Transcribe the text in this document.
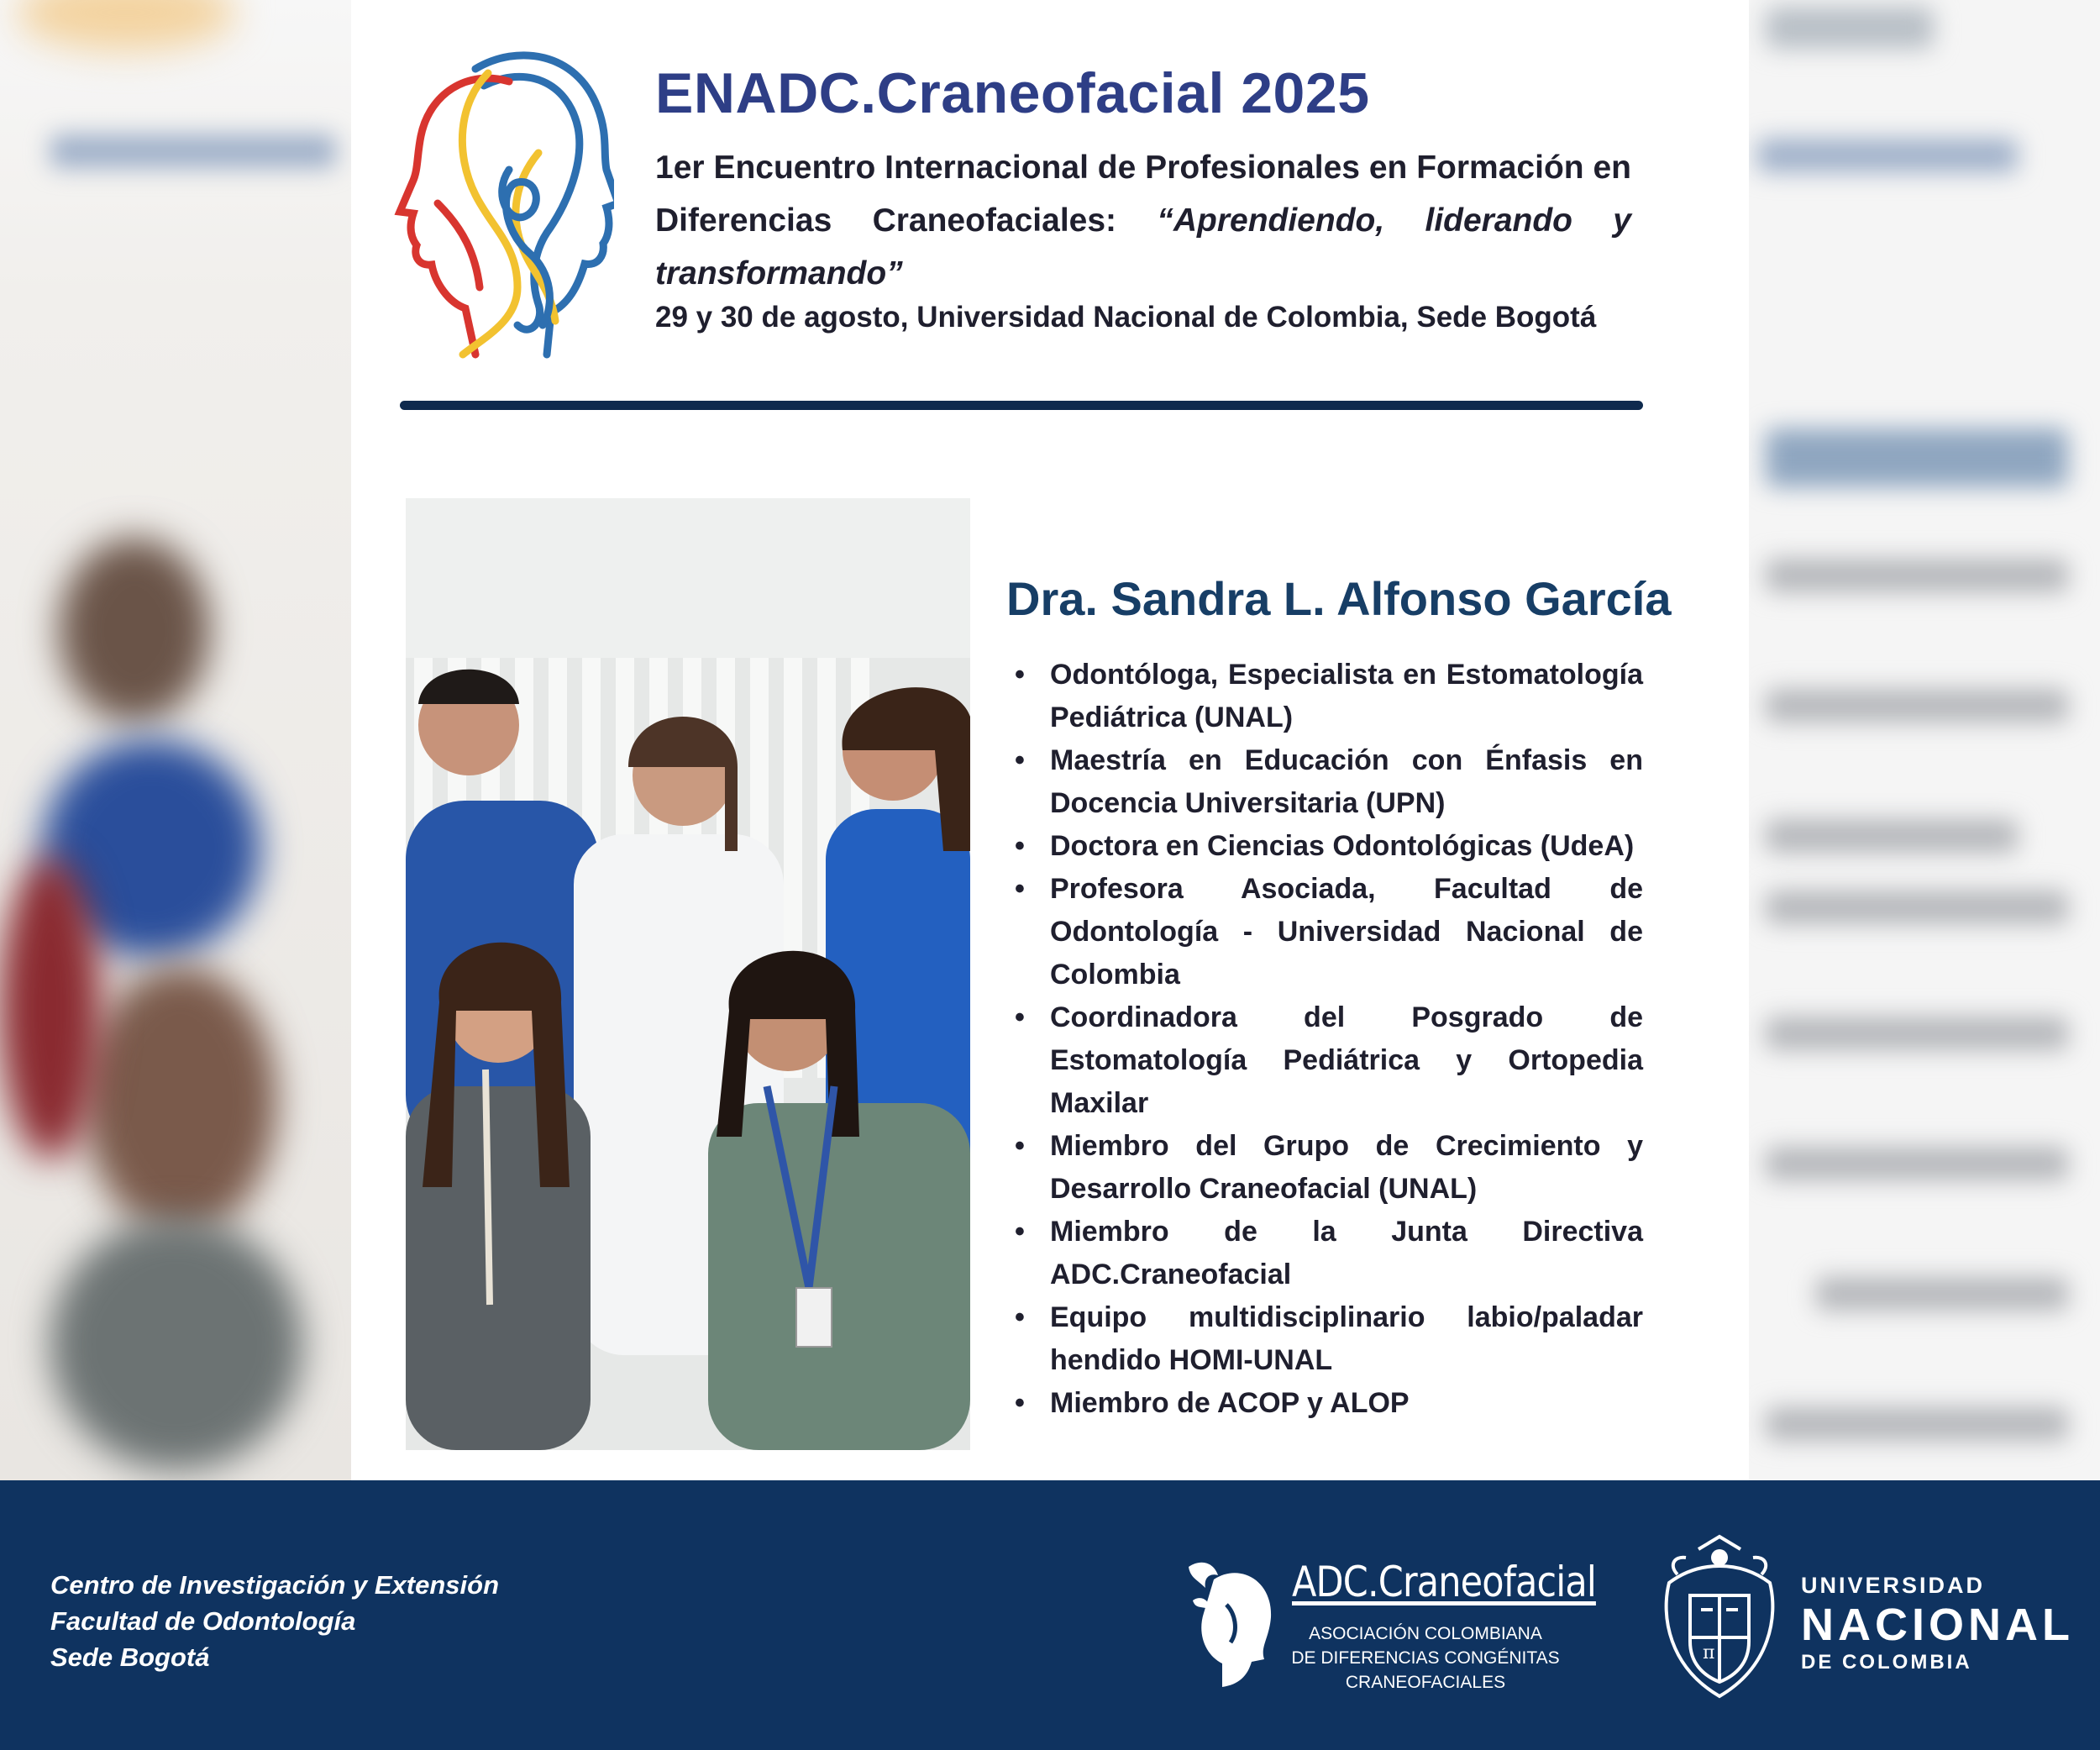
ENADC.Craneofacial 2025

1er Encuentro Internacional de Profesionales en Formación en Diferencias Craneofaciales: “Aprendiendo, liderando y transformando”

29 y 30 de agosto, Universidad Nacional de Colombia, Sede Bogotá

Dra. Sandra L. Alfonso García
• Odontóloga, Especialista en Estomatología Pediátrica (UNAL)
• Maestría en Educación con Énfasis en Docencia Universitaria (UPN)
• Doctora en Ciencias Odontológicas (UdeA)
• Profesora Asociada, Facultad de Odontología - Universidad Nacional de Colombia
• Coordinadora del Posgrado de Estomatología Pediátrica y Ortopedia Maxilar
• Miembro del Grupo de Crecimiento y Desarrollo Craneofacial (UNAL)
• Miembro de la Junta Directiva ADC.Craneofacial
• Equipo multidisciplinario labio/paladar hendido HOMI-UNAL
• Miembro de ACOP y ALOP

Centro de Investigación y Extensión
Facultad de Odontología
Sede Bogotá

ADC.Craneofacial

ASOCIACIÓN COLOMBIANA
DE DIFERENCIAS CONGÉNITAS
CRANEOFACIALES

π

UNIVERSIDAD

NACIONAL

DE COLOMBIA
